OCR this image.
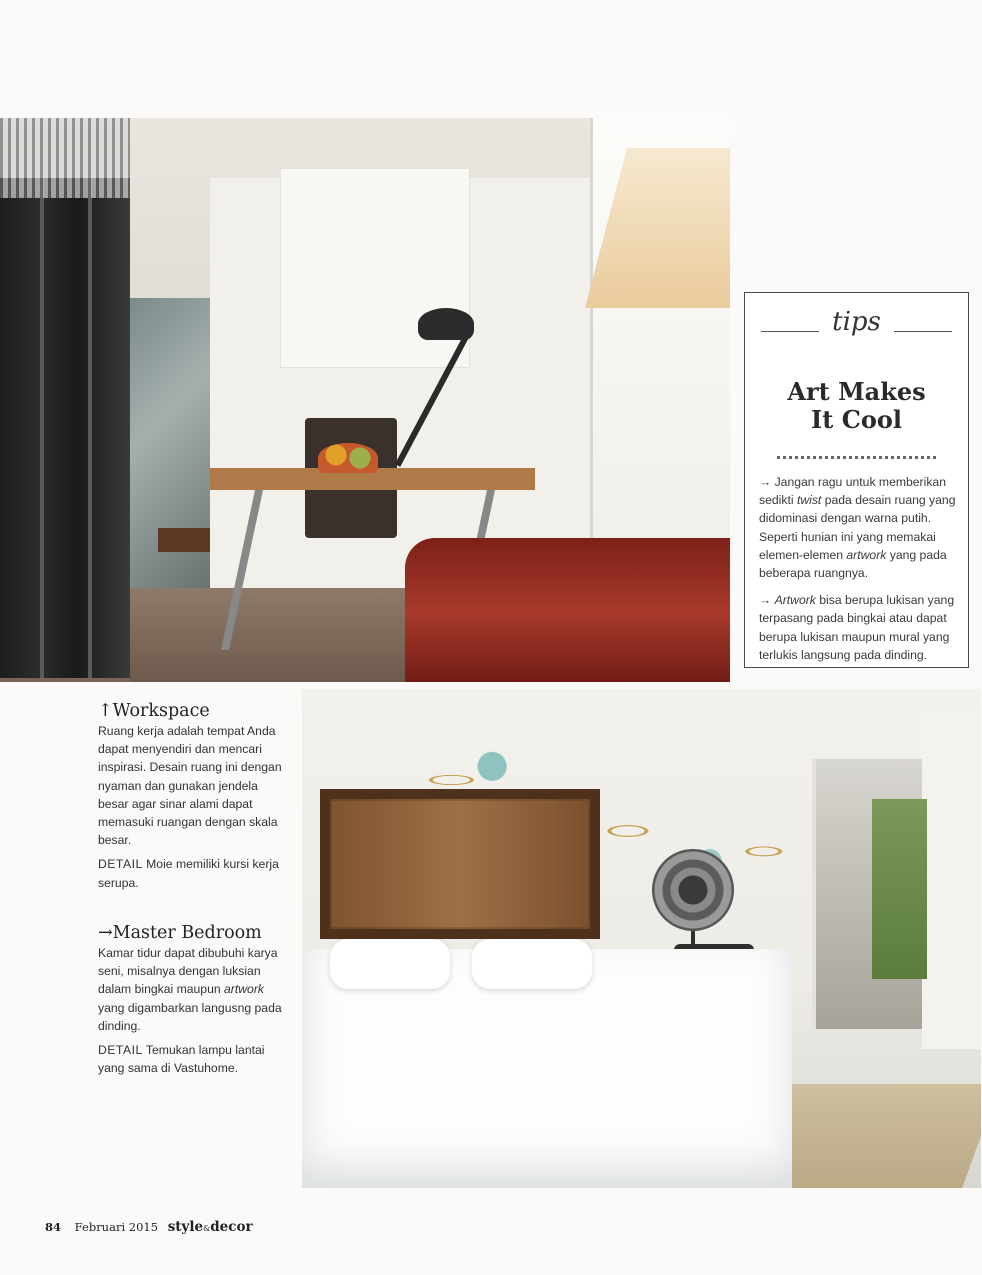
tips
Art Makes
It Cool

→ Jangan ragu untuk memberikan sedikti twist pada desain ruang yang didominasi dengan warna putih. Seperti hunian ini yang memakai elemen-elemen artwork yang pada beberapa ruangnya.

→ Artwork bisa berupa lukisan yang terpasang pada bingkai atau dapat berupa lukisan maupun mural yang terlukis langsung pada dinding.

↑Workspace
Ruang kerja adalah tempat Anda dapat menyendiri dan mencari inspirasi. Desain ruang ini dengan nyaman dan gunakan jendela besar agar sinar alami dapat memasuki ruangan dengan skala besar.
DETAIL Moie memiliki kursi kerja serupa.
→Master Bedroom
Kamar tidur dapat dibubuhi karya seni, misalnya dengan luksian dalam bingkai maupun artwork yang digambarkan langusng pada dinding.
DETAIL Temukan lampu lantai yang sama di Vastuhome.
84 Februari 2015 style&decor
